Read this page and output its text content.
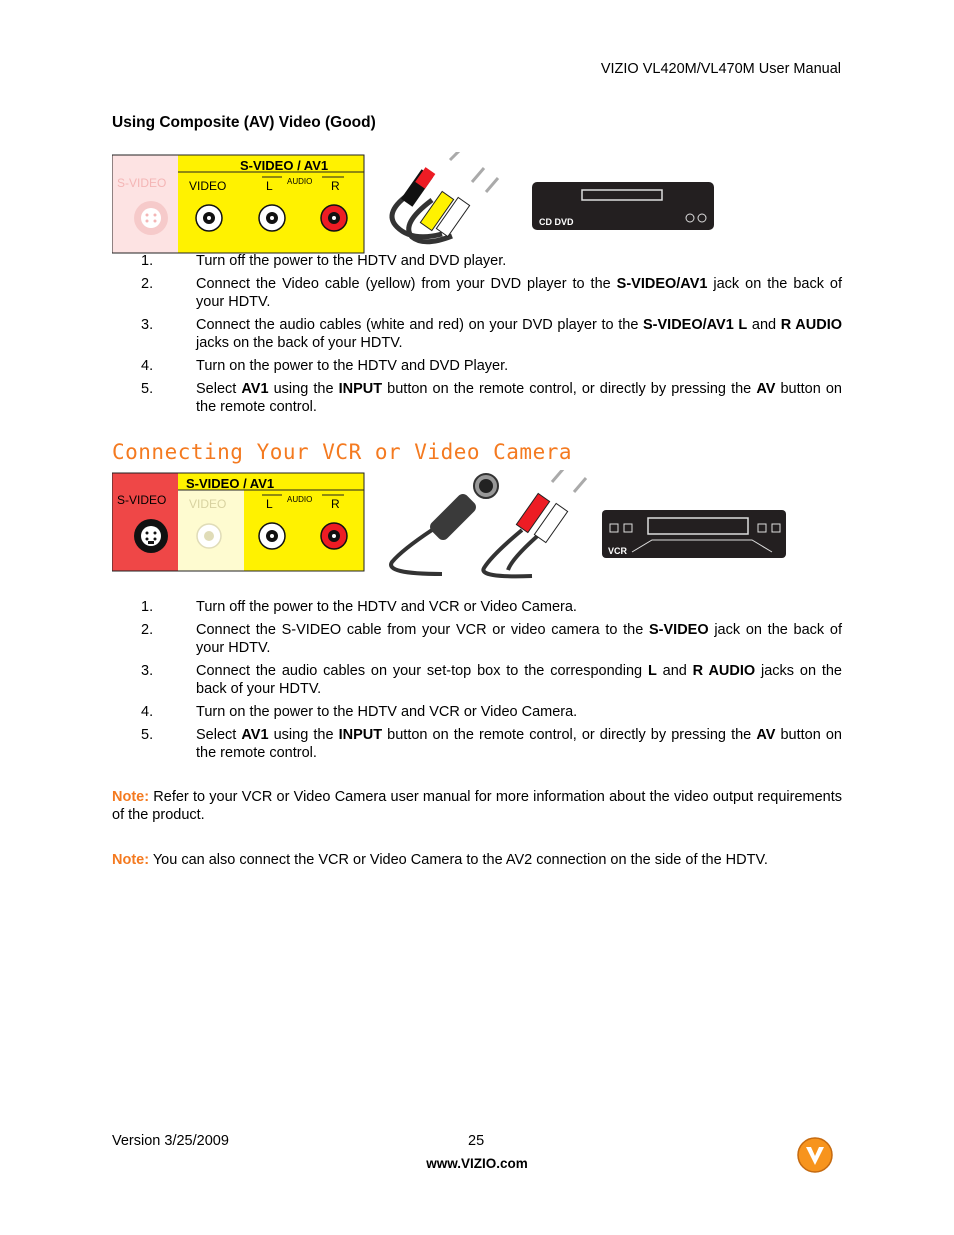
VIZIO VL420M/VL470M User Manual
Using Composite (AV) Video (Good)
S-VIDEO / AV1
S-VIDEO VIDEO	L AUDIO R
CD DVD
1.	Turn off the power to the HDTV and DVD player.
2.	Connect the Video cable (yellow) from your DVD player to the S-VIDEO/AV1 jack on the back of your HDTV.
3.	Connect the audio cables (white and red) on your DVD player to the S-VIDEO/AV1 L and R AUDIO jacks on the back of your HDTV.
4.	Turn on the power to the HDTV and DVD Player.
5.	Select AV1 using the INPUT button on the remote control, or directly by pressing the AV button on the remote control.
Connecting Your VCR or Video Camera
S-VIDEO / AV1
S-VIDEO VIDEO	L AUDIO R
VCR
1.	Turn off the power to the HDTV and VCR or Video Camera.
2.	Connect the S-VIDEO cable from your VCR or video camera to the S-VIDEO jack on the back of your HDTV.
3.	Connect the audio cables on your set-top box to the corresponding L and R AUDIO jacks on the back of your HDTV.
4.	Turn on the power to the HDTV and VCR or Video Camera.
5.	Select AV1 using the INPUT button on the remote control, or directly by pressing the AV button on the remote control.
Note: Refer to your VCR or Video Camera user manual for more information about the video output requirements of the product.
Note: You can also connect the VCR or Video Camera to the AV2 connection on the side of the HDTV.
Version 3/25/2009	25
www.VIZIO.com
